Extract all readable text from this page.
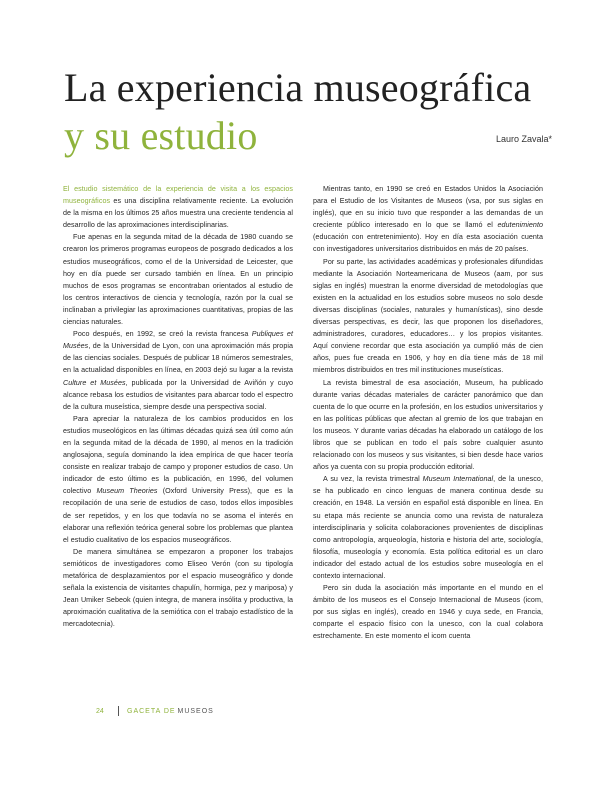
La experiencia museográfica
y su estudio	Lauro Zavala*

El estudio sistemático de la experiencia de visita a los espacios museográficos es una disciplina relativamente reciente. La evolución de la misma en los últimos 25 años muestra una creciente tendencia al desarrollo de las aproximaciones interdisciplinarias.

Fue apenas en la segunda mitad de la década de 1980 cuando se crearon los primeros programas europeos de posgrado dedicados a los estudios museográficos, como el de la Universidad de Leicester, que hoy en día puede ser cursado también en línea. En un principio muchos de esos programas se encontraban orientados al estudio de los centros interactivos de ciencia y tecnología, razón por la cual se inclinaban a privilegiar las aproximaciones cuantitativas, propias de las ciencias naturales.

Poco después, en 1992, se creó la revista francesa Publiques et Musées, de la Universidad de Lyon, con una aproximación más propia de las ciencias sociales. Después de publicar 18 números semestrales, en la actualidad disponibles en línea, en 2003 dejó su lugar a la revista Culture et Musées, publicada por la Universidad de Aviñón y cuyo alcance rebasa los estudios de visitantes para abarcar todo el espectro de la cultura museística, siempre desde una perspectiva social.

Para apreciar la naturaleza de los cambios producidos en los estudios museológicos en las últimas décadas quizá sea útil como aún en la segunda mitad de la década de 1990, al menos en la tradición anglosajona, seguía dominando la idea empírica de que hacer teoría consiste en realizar trabajo de campo y proponer estudios de caso. Un indicador de esto último es la publicación, en 1996, del volumen colectivo Museum Theories (Oxford University Press), que es la recopilación de una serie de estudios de caso, todos ellos imposibles de ser repetidos, y en los que todavía no se asoma el interés en elaborar una reflexión teórica general sobre los problemas que plantea el estudio cualitativo de los espacios museográficos.

De manera simultánea se empezaron a proponer los trabajos semióticos de investigadores como Eliseo Verón (con su tipología metafórica de desplazamientos por el espacio museográfico y donde señala la existencia de visitantes chapulín, hormiga, pez y mariposa) y Jean Umiker Sebeok (quien integra, de manera insólita y productiva, la aproximación cualitativa de la semiótica con el trabajo estadístico de la mercadotecnia).

Mientras tanto, en 1990 se creó en Estados Unidos la Asociación para el Estudio de los Visitantes de Museos (vsa, por sus siglas en inglés), que en su inicio tuvo que responder a las demandas de un creciente público interesado en lo que se llamó el edutenimiento (educación con entretenimiento). Hoy en día esta asociación cuenta con investigadores universitarios distribuidos en más de 20 países.

Por su parte, las actividades académicas y profesionales difundidas mediante la Asociación Norteamericana de Museos (aam, por sus siglas en inglés) muestran la enorme diversidad de metodologías que existen en la actualidad en los estudios sobre museos no solo desde diversas disciplinas (sociales, naturales y humanísticas), sino desde diversas perspectivas, es decir, las que proponen los diseñadores, administradores, curadores, educadores… y los propios visitantes. Aquí conviene recordar que esta asociación ya cumplió más de cien años, pues fue creada en 1906, y hoy en día tiene más de 18 mil miembros distribuidos en tres mil instituciones museísticas.

La revista bimestral de esa asociación, Museum, ha publicado durante varias décadas materiales de carácter panorámico que dan cuenta de lo que ocurre en la profesión, en los estudios universitarios y en las políticas públicas que afectan al gremio de los que trabajan en los museos. Y durante varias décadas ha elaborado un catálogo de los libros que se publican en todo el país sobre cualquier asunto relacionado con los museos y sus visitantes, si bien desde hace varios años ya cuenta con su propia producción editorial.

A su vez, la revista trimestral Museum International, de la unesco, se ha publicado en cinco lenguas de manera continua desde su creación, en 1948. La versión en español está disponible en línea. En su etapa más reciente se anuncia como una revista de naturaleza interdisciplinaria y solicita colaboraciones provenientes de disciplinas como antropología, arqueología, historia e historia del arte, sociología, filosofía, museología y economía. Esta política editorial es un claro indicador del estado actual de los estudios sobre museología en el contexto internacional.

Pero sin duda la asociación más importante en el mundo en el ámbito de los museos es el Consejo Internacional de Museos (icom, por sus siglas en inglés), creado en 1946 y cuya sede, en Francia, comparte el espacio físico con la unesco, con la cual colabora estrechamente. En este momento el icom cuenta

24	GACETA DE MUSEOS
